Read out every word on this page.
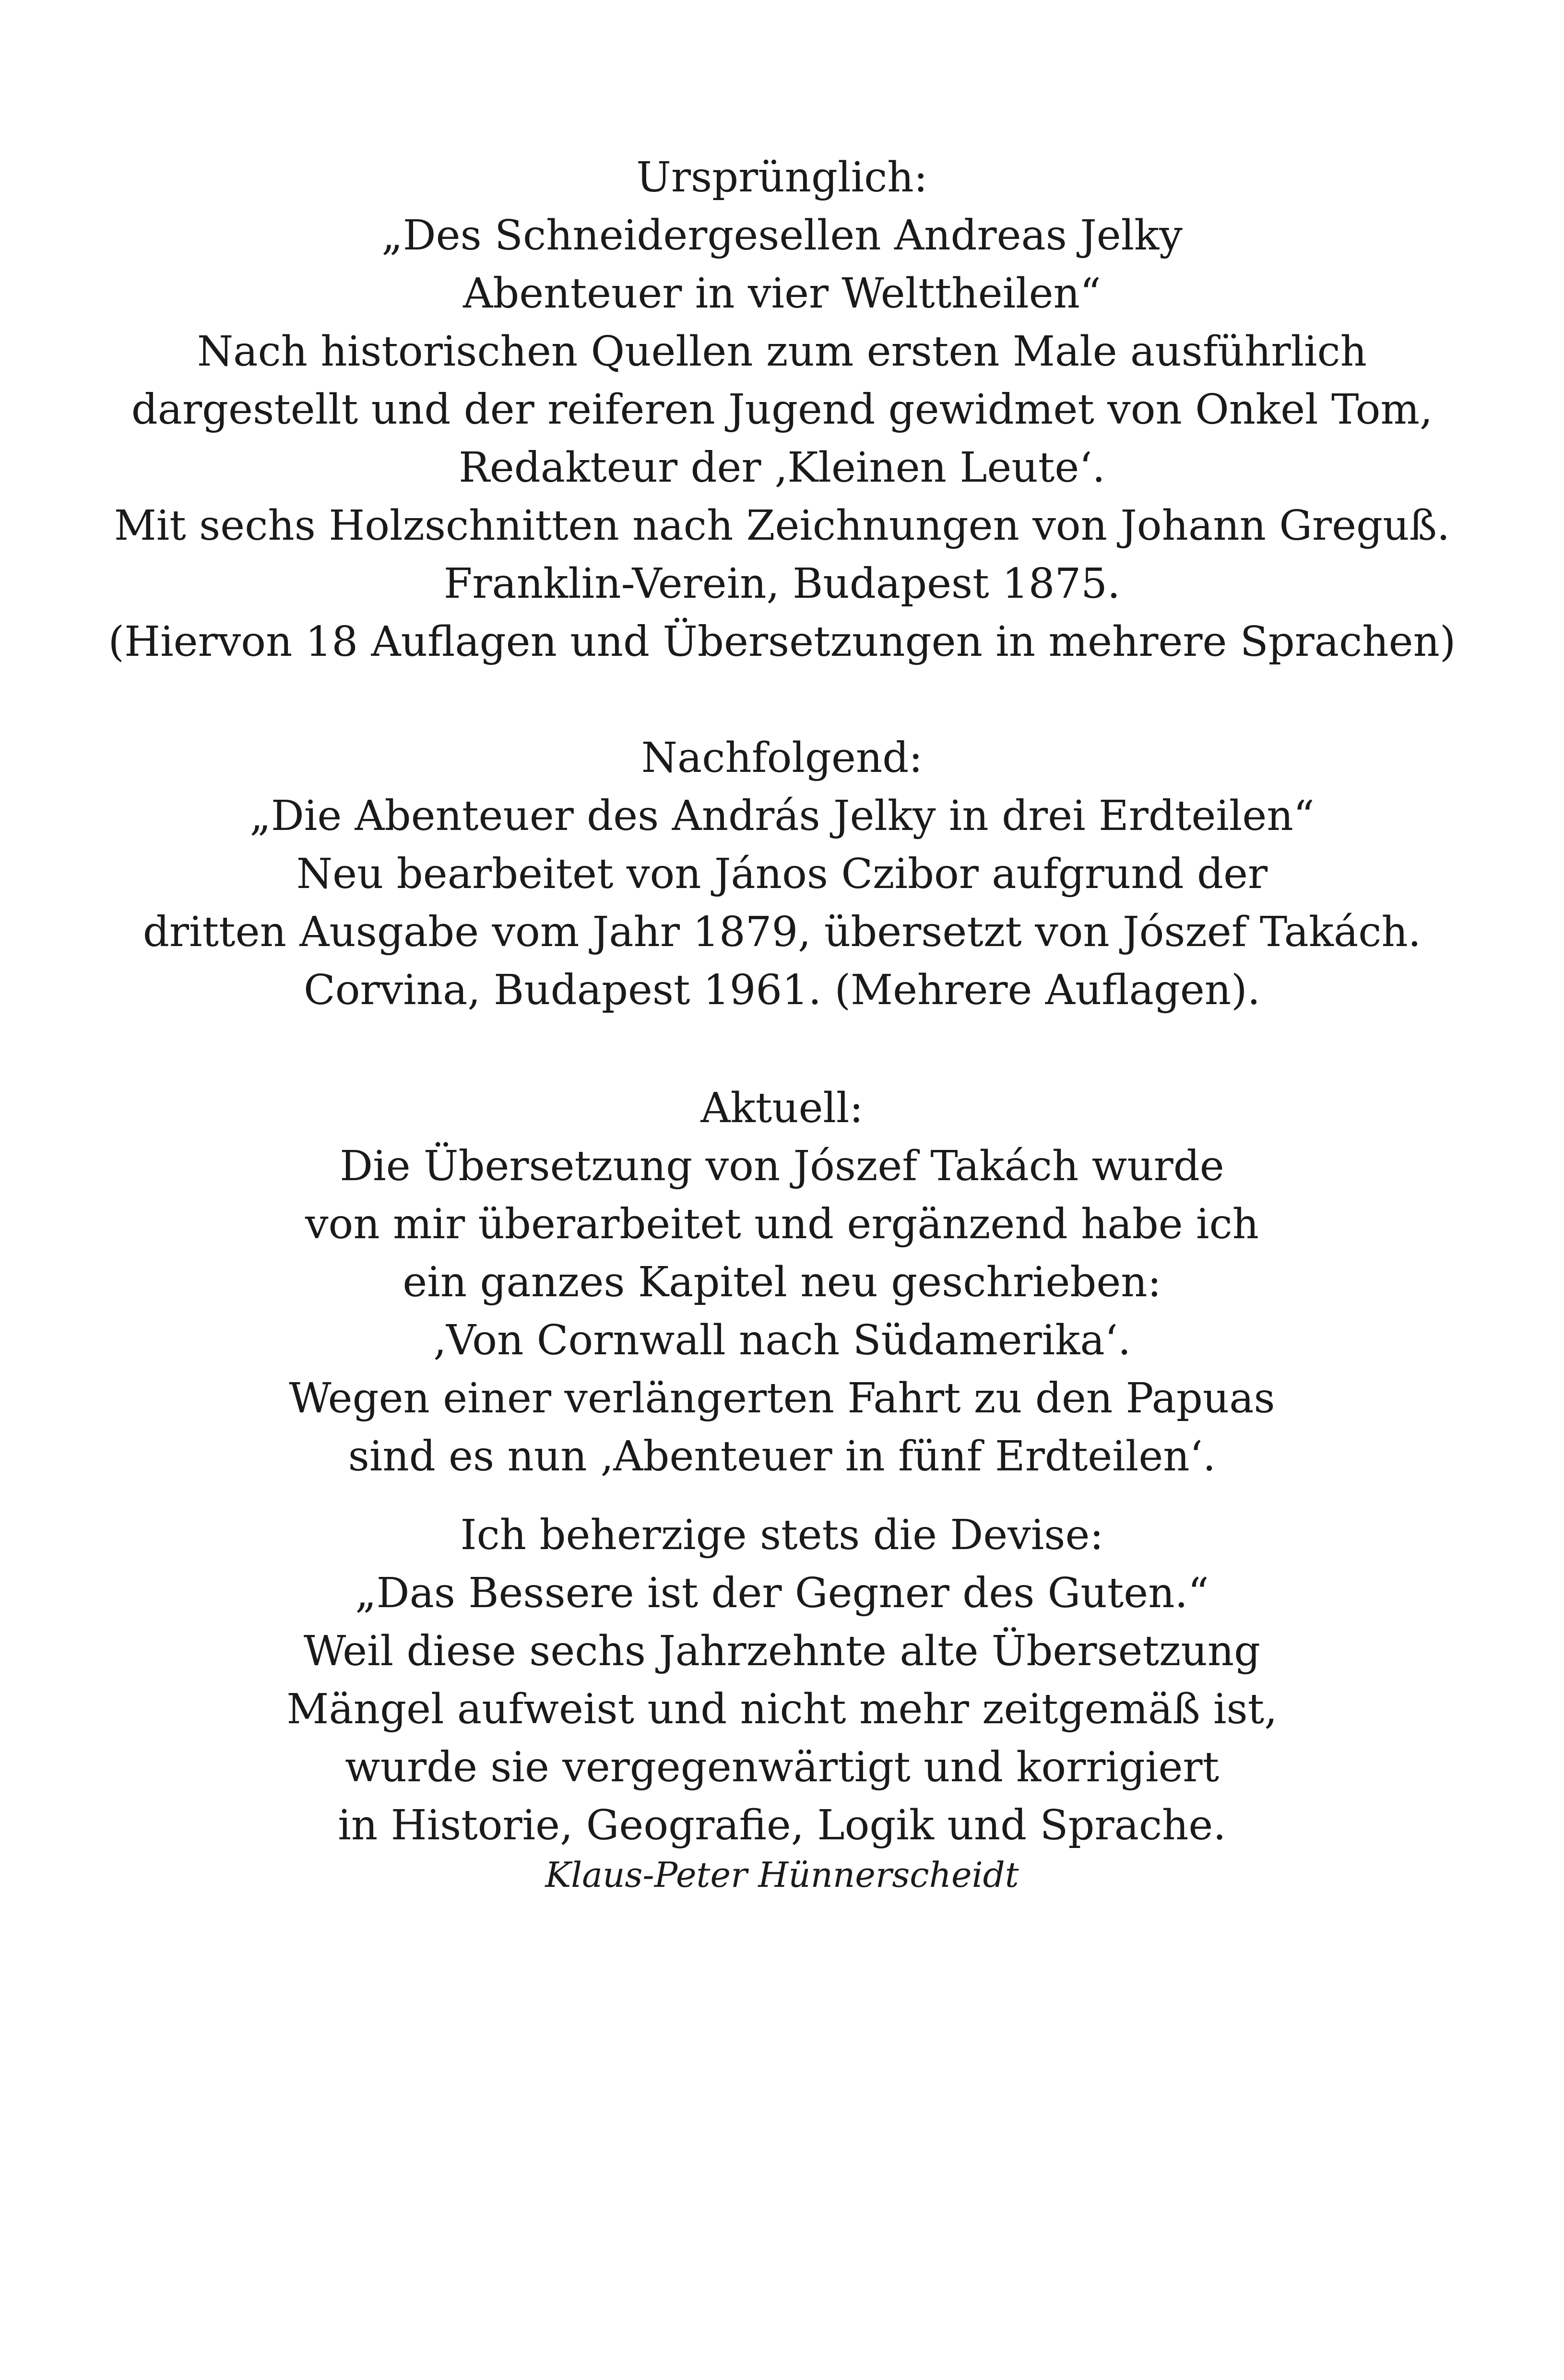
Ursprünglich:
„Des Schneidergesellen Andreas Jelky
Abenteuer in vier Welttheilen“
Nach historischen Quellen zum ersten Male ausführlich
dargestellt und der reiferen Jugend gewidmet von Onkel Tom,
Redakteur der ‚Kleinen Leute‘.
Mit sechs Holzschnitten nach Zeichnungen von Johann Greguß.
Franklin-Verein, Budapest 1875.
(Hiervon 18 Auflagen und Übersetzungen in mehrere Sprachen)
Nachfolgend:
„Die Abenteuer des András Jelky in drei Erdteilen“
Neu bearbeitet von János Czibor aufgrund der
dritten Ausgabe vom Jahr 1879, übersetzt von Jószef Takách.
Corvina, Budapest 1961. (Mehrere Auflagen).
Aktuell:
Die Übersetzung von Jószef Takách wurde
von mir überarbeitet und ergänzend habe ich
ein ganzes Kapitel neu geschrieben:
‚Von Cornwall nach Südamerika‘.
Wegen einer verlängerten Fahrt zu den Papuas
sind es nun ‚Abenteuer in fünf Erdteilen‘.
Ich beherzige stets die Devise:
„Das Bessere ist der Gegner des Guten.“
Weil diese sechs Jahrzehnte alte Übersetzung
Mängel aufweist und nicht mehr zeitgemäß ist,
wurde sie vergegenwärtigt und korrigiert
in Historie, Geografie, Logik und Sprache.
Klaus-Peter Hünnerscheidt
